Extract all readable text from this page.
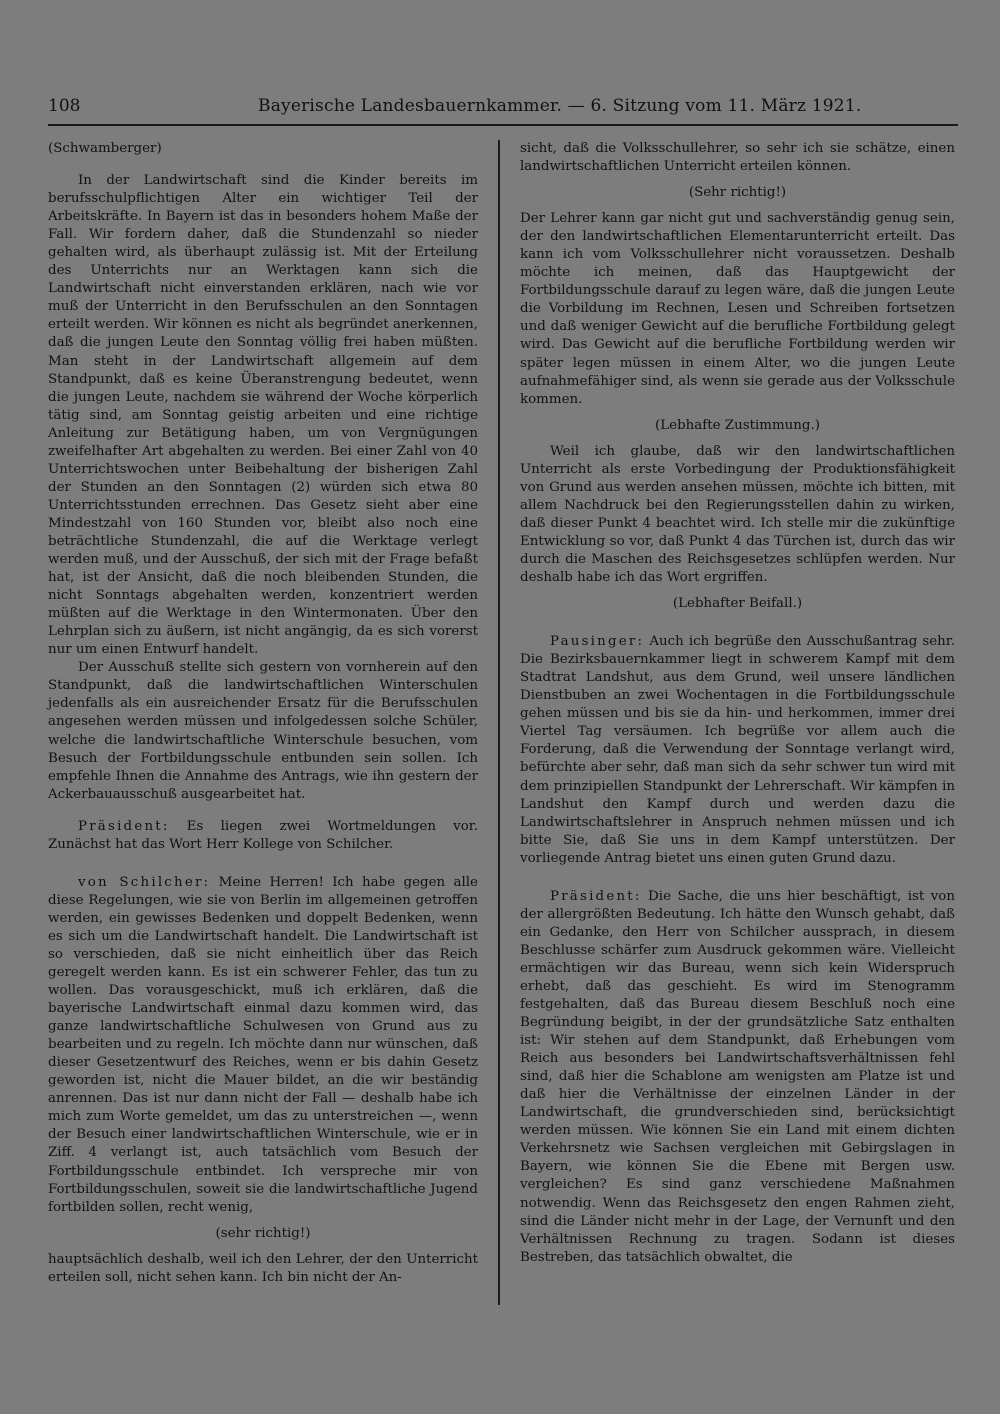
108	Bayerische Landesbauernkammer. — 6. Sitzung vom 11. März 1921.

(Schwamberger)

In der Landwirtschaft sind die Kinder bereits im berufsschulpflichtigen Alter ein wichtiger Teil der Arbeitskräfte. In Bayern ist das in besonders hohem Maße der Fall. Wir fordern daher, daß die Stundenzahl so nieder gehalten wird, als überhaupt zulässig ist. Mit der Erteilung des Unterrichts nur an Werktagen kann sich die Landwirtschaft nicht einverstanden erklären, nach wie vor muß der Unterricht in den Berufsschulen an den Sonntagen erteilt werden. Wir können es nicht als begründet anerkennen, daß die jungen Leute den Sonntag völlig frei haben müßten. Man steht in der Landwirtschaft allgemein auf dem Standpunkt, daß es keine Überanstrengung bedeutet, wenn die jungen Leute, nachdem sie während der Woche körperlich tätig sind, am Sonntag geistig arbeiten und eine richtige Anleitung zur Betätigung haben, um von Vergnügungen zweifelhafter Art abgehalten zu werden. Bei einer Zahl von 40 Unterrichtswochen unter Beibehaltung der bisherigen Zahl der Stunden an den Sonntagen (2) würden sich etwa 80 Unterrichtsstunden errechnen. Das Gesetz sieht aber eine Mindestzahl von 160 Stunden vor, bleibt also noch eine beträchtliche Stundenzahl, die auf die Werktage verlegt werden muß, und der Ausschuß, der sich mit der Frage befaßt hat, ist der Ansicht, daß die noch bleibenden Stunden, die nicht Sonntags abgehalten werden, konzentriert werden müßten auf die Werktage in den Wintermonaten. Über den Lehrplan sich zu äußern, ist nicht angängig, da es sich vorerst nur um einen Entwurf handelt.

Der Ausschuß stellte sich gestern von vornherein auf den Standpunkt, daß die landwirtschaftlichen Winterschulen jedenfalls als ein ausreichender Ersatz für die Berufsschulen angesehen werden müssen und infolgedessen solche Schüler, welche die landwirtschaftliche Winterschule besuchen, vom Besuch der Fortbildungsschule entbunden sein sollen. Ich empfehle Ihnen die Annahme des Antrags, wie ihn gestern der Ackerbauausschuß ausgearbeitet hat.

Präsident: Es liegen zwei Wortmeldungen vor. Zunächst hat das Wort Herr Kollege von Schilcher.

von Schilcher: Meine Herren! Ich habe gegen alle diese Regelungen, wie sie von Berlin im allgemeinen getroffen werden, ein gewisses Bedenken und doppelt Bedenken, wenn es sich um die Landwirtschaft handelt. Die Landwirtschaft ist so verschieden, daß sie nicht einheitlich über das Reich geregelt werden kann. Es ist ein schwerer Fehler, das tun zu wollen. Das vorausgeschickt, muß ich erklären, daß die bayerische Landwirtschaft einmal dazu kommen wird, das ganze landwirtschaftliche Schulwesen von Grund aus zu bearbeiten und zu regeln. Ich möchte dann nur wünschen, daß dieser Gesetzentwurf des Reiches, wenn er bis dahin Gesetz geworden ist, nicht die Mauer bildet, an die wir beständig anrennen. Das ist nur dann nicht der Fall — deshalb habe ich mich zum Worte gemeldet, um das zu unterstreichen —, wenn der Besuch einer landwirtschaftlichen Winterschule, wie er in Ziff. 4 verlangt ist, auch tatsächlich vom Besuch der Fortbildungsschule entbindet. Ich verspreche mir von Fortbildungsschulen, soweit sie die landwirtschaftliche Jugend fortbilden sollen, recht wenig,

(sehr richtig!)

hauptsächlich deshalb, weil ich den Lehrer, der den Unterricht erteilen soll, nicht sehen kann. Ich bin nicht der An-

sicht, daß die Volksschullehrer, so sehr ich sie schätze, einen landwirtschaftlichen Unterricht erteilen können.

(Sehr richtig!)

Der Lehrer kann gar nicht gut und sachverständig genug sein, der den landwirtschaftlichen Elementarunterricht erteilt. Das kann ich vom Volksschullehrer nicht voraussetzen. Deshalb möchte ich meinen, daß das Hauptgewicht der Fortbildungsschule darauf zu legen wäre, daß die jungen Leute die Vorbildung im Rechnen, Lesen und Schreiben fortsetzen und daß weniger Gewicht auf die berufliche Fortbildung gelegt wird. Das Gewicht auf die berufliche Fortbildung werden wir später legen müssen in einem Alter, wo die jungen Leute aufnahmefähiger sind, als wenn sie gerade aus der Volksschule kommen.

(Lebhafte Zustimmung.)

Weil ich glaube, daß wir den landwirtschaftlichen Unterricht als erste Vorbedingung der Produktionsfähigkeit von Grund aus werden ansehen müssen, möchte ich bitten, mit allem Nachdruck bei den Regierungsstellen dahin zu wirken, daß dieser Punkt 4 beachtet wird. Ich stelle mir die zukünftige Entwicklung so vor, daß Punkt 4 das Türchen ist, durch das wir durch die Maschen des Reichsgesetzes schlüpfen werden. Nur deshalb habe ich das Wort ergriffen.

(Lebhafter Beifall.)

Pausinger: Auch ich begrüße den Ausschußantrag sehr. Die Bezirksbauernkammer liegt in schwerem Kampf mit dem Stadtrat Landshut, aus dem Grund, weil unsere ländlichen Dienstbuben an zwei Wochentagen in die Fortbildungsschule gehen müssen und bis sie da hin- und herkommen, immer drei Viertel Tag versäumen. Ich begrüße vor allem auch die Forderung, daß die Verwendung der Sonntage verlangt wird, befürchte aber sehr, daß man sich da sehr schwer tun wird mit dem prinzipiellen Standpunkt der Lehrerschaft. Wir kämpfen in Landshut den Kampf durch und werden dazu die Landwirtschaftslehrer in Anspruch nehmen müssen und ich bitte Sie, daß Sie uns in dem Kampf unterstützen. Der vorliegende Antrag bietet uns einen guten Grund dazu.

Präsident: Die Sache, die uns hier beschäftigt, ist von der allergrößten Bedeutung. Ich hätte den Wunsch gehabt, daß ein Gedanke, den Herr von Schilcher aussprach, in diesem Beschlusse schärfer zum Ausdruck gekommen wäre. Vielleicht ermächtigen wir das Bureau, wenn sich kein Widerspruch erhebt, daß das geschieht. Es wird im Stenogramm festgehalten, daß das Bureau diesem Beschluß noch eine Begründung beigibt, in der der grundsätzliche Satz enthalten ist: Wir stehen auf dem Standpunkt, daß Erhebungen vom Reich aus besonders bei Landwirtschaftsverhältnissen fehl sind, daß hier die Schablone am wenigsten am Platze ist und daß hier die Verhältnisse der einzelnen Länder in der Landwirtschaft, die grundverschieden sind, berücksichtigt werden müssen. Wie können Sie ein Land mit einem dichten Verkehrsnetz wie Sachsen vergleichen mit Gebirgslagen in Bayern, wie können Sie die Ebene mit Bergen usw. vergleichen? Es sind ganz verschiedene Maßnahmen notwendig. Wenn das Reichsgesetz den engen Rahmen zieht, sind die Länder nicht mehr in der Lage, der Vernunft und den Verhältnissen Rechnung zu tragen. Sodann ist dieses Bestreben, das tatsächlich obwaltet, die
